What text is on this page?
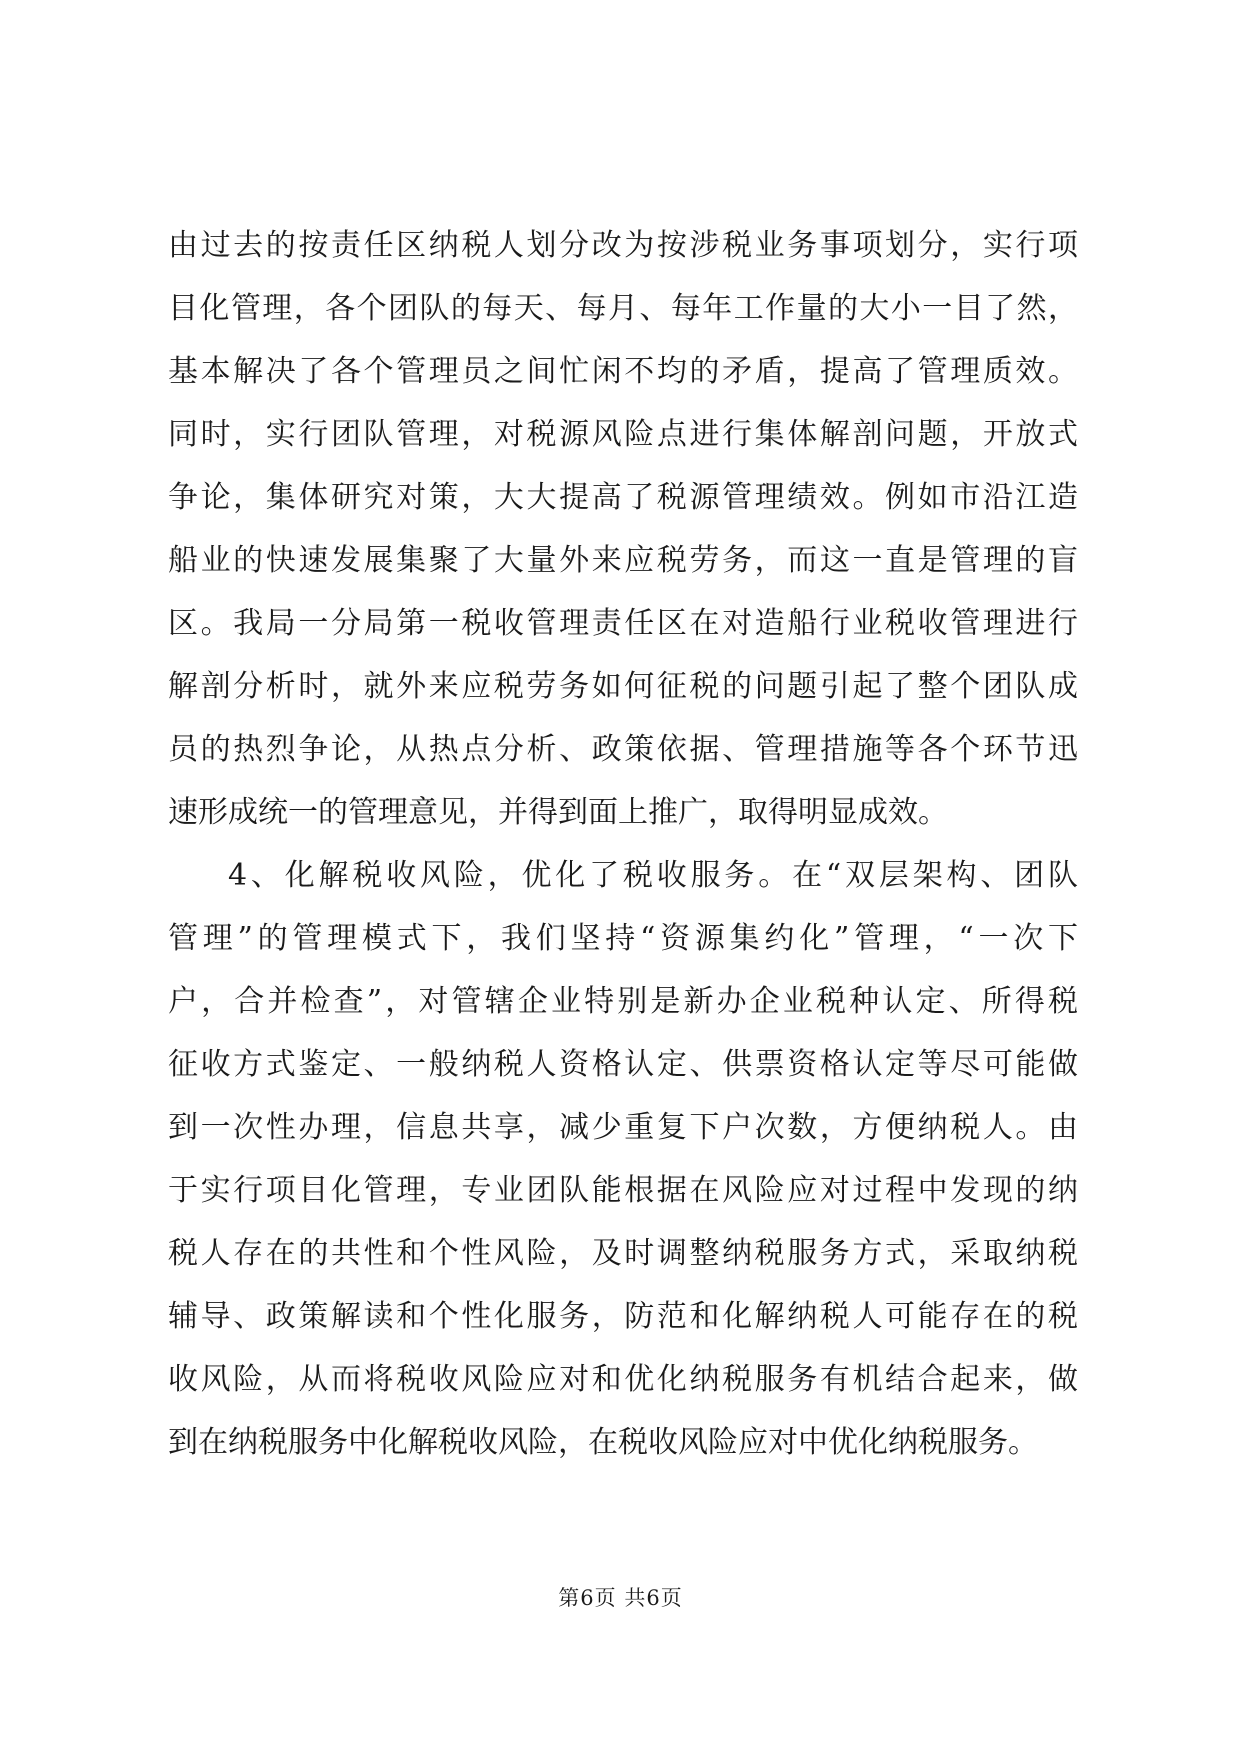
由过去的按责任区纳税人划分改为按涉税业务事项划分，实行项
目化管理，各个团队的每天、每月、每年工作量的大小一目了然，
基本解决了各个管理员之间忙闲不均的矛盾，提高了管理质效。
同时，实行团队管理，对税源风险点进行集体解剖问题，开放式
争论，集体研究对策，大大提高了税源管理绩效。例如市沿江造
船业的快速发展集聚了大量外来应税劳务，而这一直是管理的盲
区。我局一分局第一税收管理责任区在对造船行业税收管理进行
解剖分析时，就外来应税劳务如何征税的问题引起了整个团队成
员的热烈争论，从热点分析、政策依据、管理措施等各个环节迅
速形成统一的管理意见，并得到面上推广，取得明显成效。
4、化解税收风险，优化了税收服务。在“双层架构、团队
管理”的管理模式下，我们坚持“资源集约化”管理，“一次下
户，合并检查”，对管辖企业特别是新办企业税种认定、所得税
征收方式鉴定、一般纳税人资格认定、供票资格认定等尽可能做
到一次性办理，信息共享，减少重复下户次数，方便纳税人。由
于实行项目化管理，专业团队能根据在风险应对过程中发现的纳
税人存在的共性和个性风险，及时调整纳税服务方式，采取纳税
辅导、政策解读和个性化服务，防范和化解纳税人可能存在的税
收风险，从而将税收风险应对和优化纳税服务有机结合起来，做
到在纳税服务中化解税收风险，在税收风险应对中优化纳税服务。
第6页 共6页
